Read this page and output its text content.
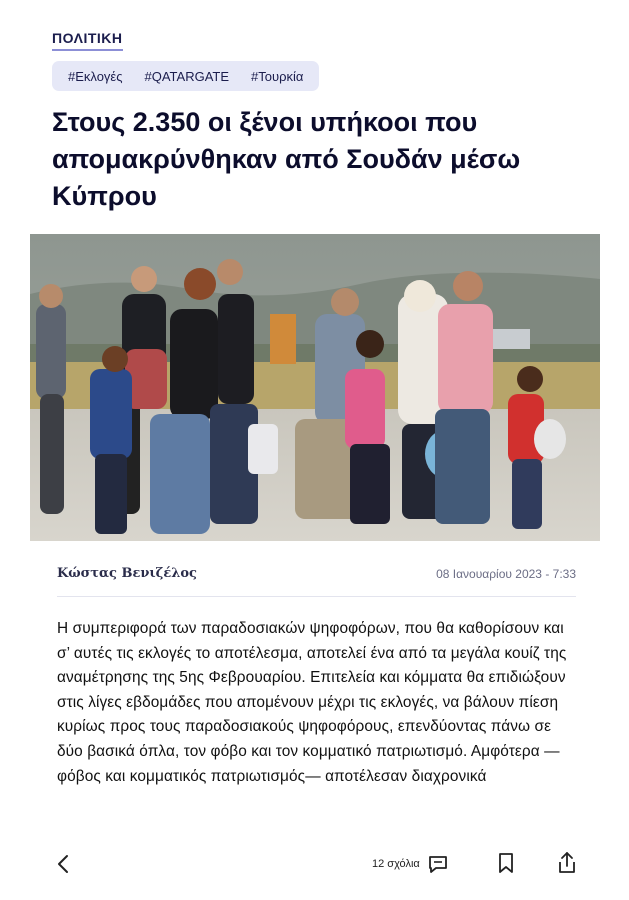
ΠΟΛΙΤΙΚΗ
#Εκλογές #QATARGATE #Τουρκία
Στους 2.350 οι ξένοι υπήκοοι που απομακρύνθηκαν από Σουδάν μέσω Κύπρου
Κώστας Βενιζέλος	08 Ιανουαρίου 2023 - 7:33

Η συμπεριφορά των παραδοσιακών ψηφοφόρων, που θα καθορίσουν και σ’ αυτές τις εκλογές το αποτέλεσμα, αποτελεί ένα από τα μεγάλα κουίζ της αναμέτρησης της 5ης Φεβρουαρίου. Επιτελεία και κόμματα θα επιδιώξουν στις λίγες εβδομάδες που απομένουν μέχρι τις εκλογές, να βάλουν πίεση κυρίως προς τους παραδοσιακούς ψηφοφόρους, επενδύοντας πάνω σε δύο βασικά όπλα, τον φόβο και τον κομματικό πατριωτισμό. Αμφότερα —φόβος και κομματικός πατριωτισμός— αποτέλεσαν διαχρονικά

12 σχόλια
